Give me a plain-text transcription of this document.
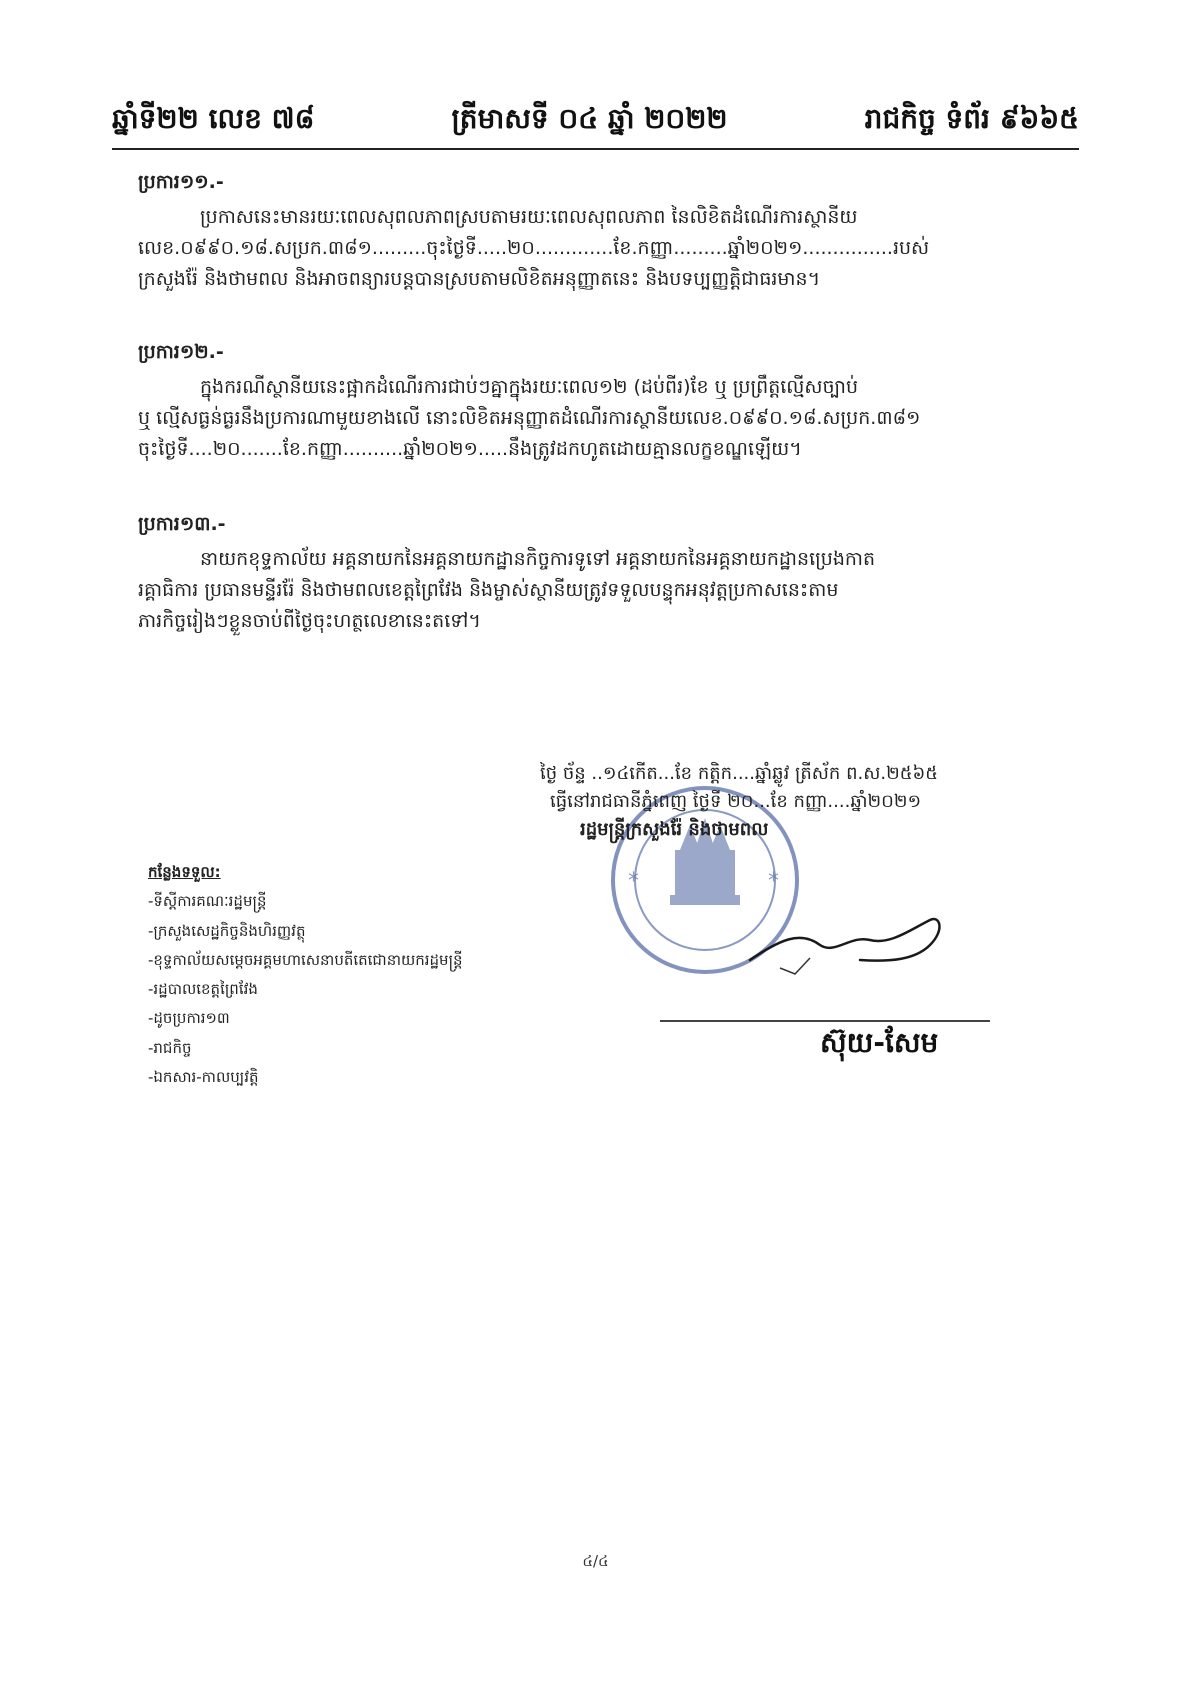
ឆ្នាំទី២២ លេខ ៧៨	ត្រីមាសទី ០៤ ឆ្នាំ ២០២២	រាជកិច្ច ទំព័រ ៩៦៦៥
ប្រការ១១.-
ប្រកាសនេះមានរយៈពេលសុពលភាពស្របតាមរយៈពេលសុពលភាព នៃលិខិតដំណើរការស្ថានីយ
លេខ.០៩៩០.១៨.សប្រក.៣៨១.........ចុះថ្ងៃទី.....២០.............ខែ.កញ្ញា.........ឆ្នាំ២០២១...............របស់
ក្រសួងរ៉ែ និងថាមពល និងអាចពន្យារបន្តបានស្របតាមលិខិតអនុញ្ញាតនេះ និងបទប្បញ្ញត្តិជាធរមាន។
ប្រការ១២.-
ក្នុងករណីស្ថានីយនេះផ្អាកដំណើរការជាប់ៗគ្នាក្នុងរយៈពេល១២ (ដប់ពីរ)ខែ ឬ ប្រព្រឹត្តល្មើសច្បាប់
ឬ ល្មើសធ្ងន់ធ្ងរនឹងប្រការណាមួយខាងលើ នោះលិខិតអនុញ្ញាតដំណើរការស្ថានីយលេខ.០៩៩០.១៨.សប្រក.៣៨១
ចុះថ្ងៃទី....២០.......ខែ.កញ្ញា..........ឆ្នាំ២០២១.....នឹងត្រូវដកហូតដោយគ្មានលក្ខខណ្ឌឡើយ។
ប្រការ១៣.-
នាយកខុទ្ទកាល័យ អគ្គនាយកនៃអគ្គនាយកដ្ឋានកិច្ចការទូទៅ អគ្គនាយកនៃអគ្គនាយកដ្ឋានប្រេងកាត
រគ្គាធិការ ប្រធានមន្ទីររ៉ែ និងថាមពលខេត្តព្រៃវែង និងម្ចាស់ស្ថានីយត្រូវទទួលបន្ទុកអនុវត្តប្រកាសនេះតាម
ភារកិច្ចរៀងៗខ្លួនចាប់ពីថ្ងៃចុះហត្ថលេខានេះតទៅ។
*	*
ថ្ងៃ ច័ន្ទ ..១៤កើត...ខែ កត្តិក....ឆ្នាំឆ្លូវ ត្រីស័ក ព.ស.២៥៦៥
ធ្វើនៅរាជធានីភ្នំពេញ ថ្ងៃទី ២០...ខែ កញ្ញា....ឆ្នាំ២០២១
រដ្ឋមន្ត្រីក្រសួងរ៉ែ និងថាមពល
ស៊ុយ-សែម
កន្លែងទទួល:
-ទីស្តីការគណៈរដ្ឋមន្ត្រី
-ក្រសួងសេដ្ឋកិច្ចនិងហិរញ្ញវត្ថុ
-ខុទ្ទកាល័យសម្តេចអគ្គមហាសេនាបតីតេជោនាយករដ្ឋមន្ត្រី
-រដ្ឋបាលខេត្តព្រៃវែង
-ដូចប្រការ១៣
-រាជកិច្ច
-ឯកសារ-កាលប្បវត្តិ
៤/៤
